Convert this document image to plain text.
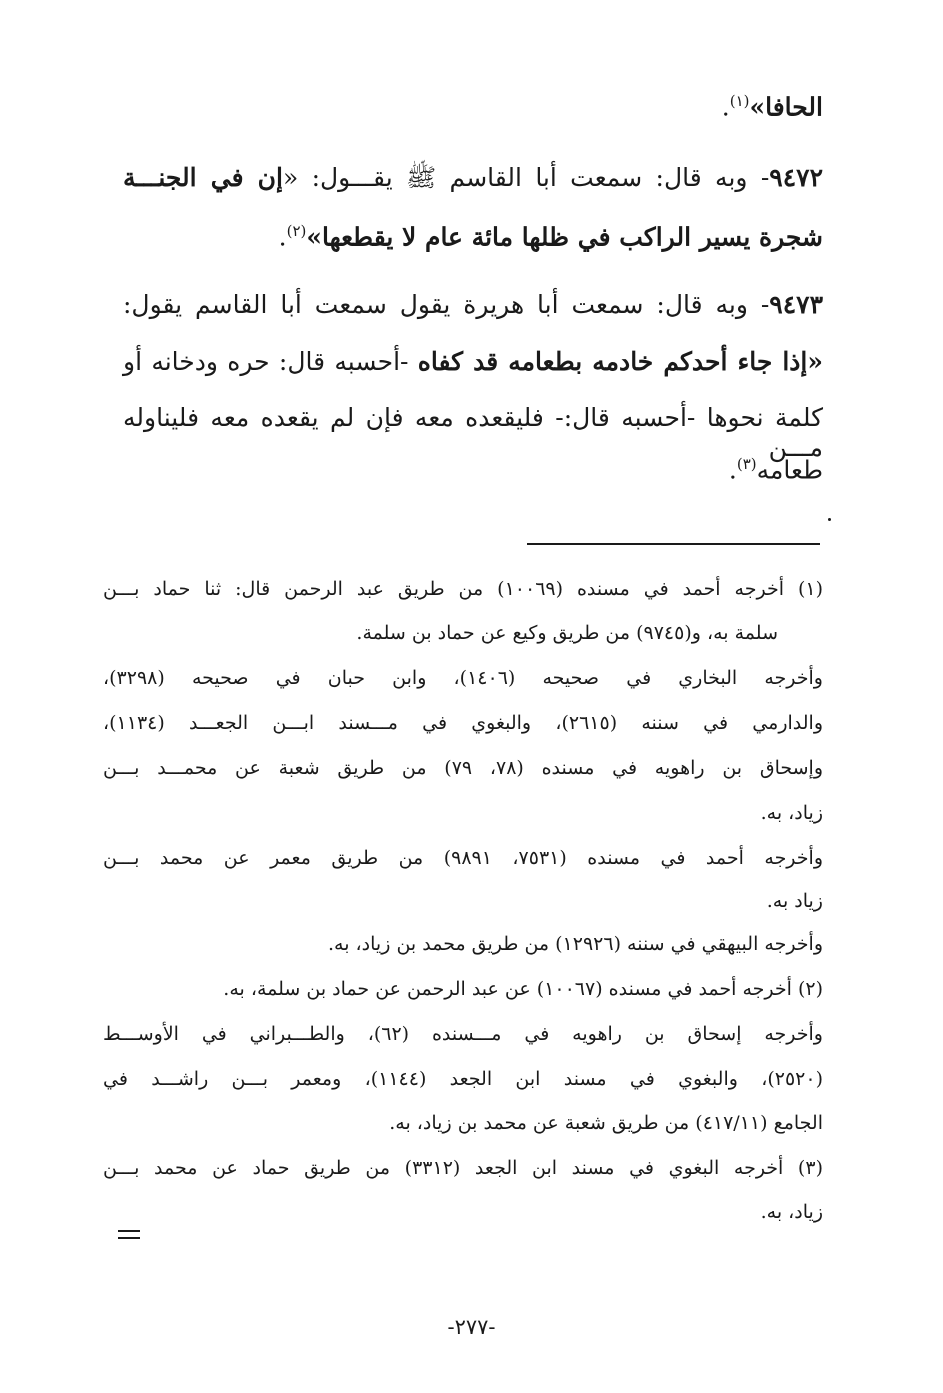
الحافا»$^{(١)}$.
٩٤٧٢- وبه قال: سمعت أبا القاسم ﷺ يقـــول: «إن في الجنـــة
شجرة يسير الراكب في ظلها مائة عام لا يقطعها»$^{(٢)}$.
٩٤٧٣- وبه قال: سمعت أبا هريرة يقول سمعت أبا القاسم يقول:
«إذا جاء أحدكم خادمه بطعامه قد كفاه -أحسبه قال: حره ودخانه أو
كلمة نحوها -أحسبه قال:- فليقعده معه فإن لم يقعده معه فليناوله مـــن
طعامه$^{(٣)}$.
(١) أخرجه أحمد في مسنده (١٠٠٦٩) من طريق عبد الرحمن قال: ثنا حماد بـــن
سلمة به، و(٩٧٤٥) من طريق وكيع عن حماد بن سلمة.
وأخرجه البخاري في صحيحه (١٤٠٦)، وابن حبان في صحيحه (٣٢٩٨)،
والدارمي في سننه (٢٦١٥)، والبغوي في مـــسند ابـــن الجعـــد (١١٣٤)،
وإسحاق بن راهويه في مسنده (٧٨، ٧٩) من طريق شعبة عن محمـــد بـــن
زياد، به.
وأخرجه أحمد في مسنده (٧٥٣١، ٩٨٩١) من طريق معمر عن محمد بـــن
زياد به.
وأخرجه البيهقي في سننه (١٢٩٢٦) من طريق محمد بن زياد، به.
(٢) أخرجه أحمد في مسنده (١٠٠٦٧) عن عبد الرحمن عن حماد بن سلمة، به.
وأخرجه إسحاق بن راهويه في مـــسنده (٦٢)، والطـــبراني في الأوســـط
(٢٥٢٠)، والبغوي في مسند ابن الجعد (١١٤٤)، ومعمر بـــن راشـــد في
الجامع (٤١٧/١١) من طريق شعبة عن محمد بن زياد، به.
(٣) أخرجه البغوي في مسند ابن الجعد (٣٣١٢) من طريق حماد عن محمد بـــن
زياد، به.
-٢٧٧-
